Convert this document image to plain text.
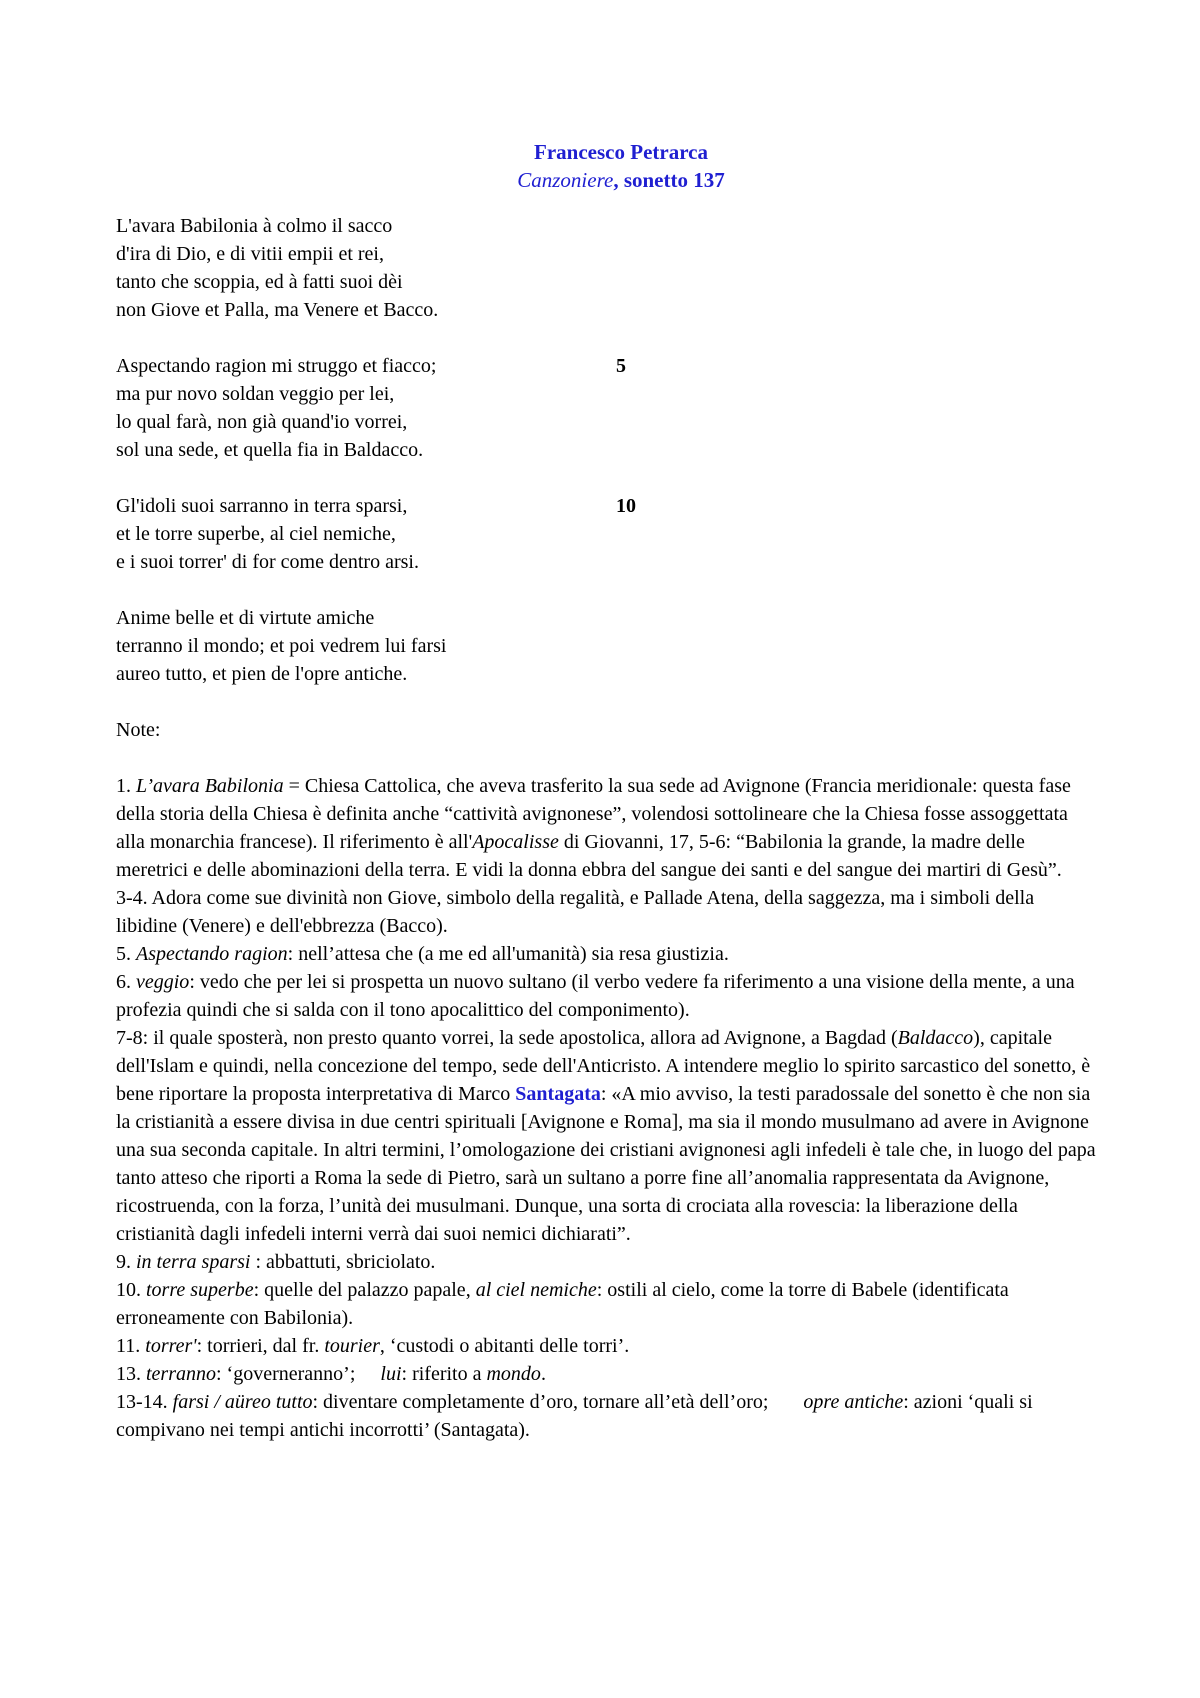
Francesco Petrarca
Canzoniere, sonetto 137
L'avara Babilonia à colmo il sacco
d'ira di Dio, e di vitii empii et rei,
tanto che scoppia, ed à fatti suoi dèi
non Giove et Palla, ma Venere et Bacco.
Aspectando ragion mi struggo et fiacco;	5
ma pur novo soldan veggio per lei,
lo qual farà, non già quand'io vorrei,
sol una sede, et quella fia in Baldacco.
Gl'idoli suoi sarranno in terra sparsi,	10
et le torre superbe, al ciel nemiche,
e i suoi torrer' di for come dentro arsi.
Anime belle et di virtute amiche
terranno il mondo; et poi vedrem lui farsi
aureo tutto, et pien de l'opre antiche.
Note:

1. L’avara Babilonia = Chiesa Cattolica, che aveva trasferito la sua sede ad Avignone (Francia meridionale: questa fase della storia della Chiesa è definita anche “cattività avignonese”, volendosi sottolineare che la Chiesa fosse assoggettata alla monarchia francese). Il riferimento è all'Apocalisse di Giovanni, 17, 5-6: “Babilonia la grande, la madre delle meretrici e delle abominazioni della terra. E vidi la donna ebbra del sangue dei santi e del sangue dei martiri di Gesù”.

3-4. Adora come sue divinità non Giove, simbolo della regalità, e Pallade Atena, della saggezza, ma i simboli della libidine (Venere) e dell'ebbrezza (Bacco).

5. Aspectando ragion: nell’attesa che (a me ed all'umanità) sia resa giustizia.

6. veggio: vedo che per lei si prospetta un nuovo sultano (il verbo vedere fa riferimento a una visione della mente, a una profezia quindi che si salda con il tono apocalittico del componimento).

7-8: il quale sposterà, non presto quanto vorrei, la sede apostolica, allora ad Avignone, a Bagdad (Baldacco), capitale dell'Islam e quindi, nella concezione del tempo, sede dell'Anticristo. A intendere meglio lo spirito sarcastico del sonetto, è bene riportare la proposta interpretativa di Marco Santagata: «A mio avviso, la testi paradossale del sonetto è che non sia la cristianità a essere divisa in due centri spirituali [Avignone e Roma], ma sia il mondo musulmano ad avere in Avignone una sua seconda capitale. In altri termini, l’omologazione dei cristiani avignonesi agli infedeli è tale che, in luogo del papa tanto atteso che riporti a Roma la sede di Pietro, sarà un sultano a porre fine all’anomalia rappresentata da Avignone, ricostruenda, con la forza, l’unità dei musulmani. Dunque, una sorta di crociata alla rovescia: la liberazione della cristianità dagli infedeli interni verrà dai suoi nemici dichiarati”.

9. in terra sparsi : abbattuti, sbriciolato.

10. torre superbe: quelle del palazzo papale, al ciel nemiche: ostili al cielo, come la torre di Babele (identificata erroneamente con Babilonia).

11. torrer': torrieri, dal fr. tourier, ‘custodi o abitanti delle torri’.

13. terranno: ‘governeranno’;     lui: riferito a mondo.

13-14. farsi / aüreo tutto: diventare completamente d’oro, tornare all’età dell’oro;       opre antiche: azioni ‘quali si compivano nei tempi antichi incorrotti’ (Santagata).
